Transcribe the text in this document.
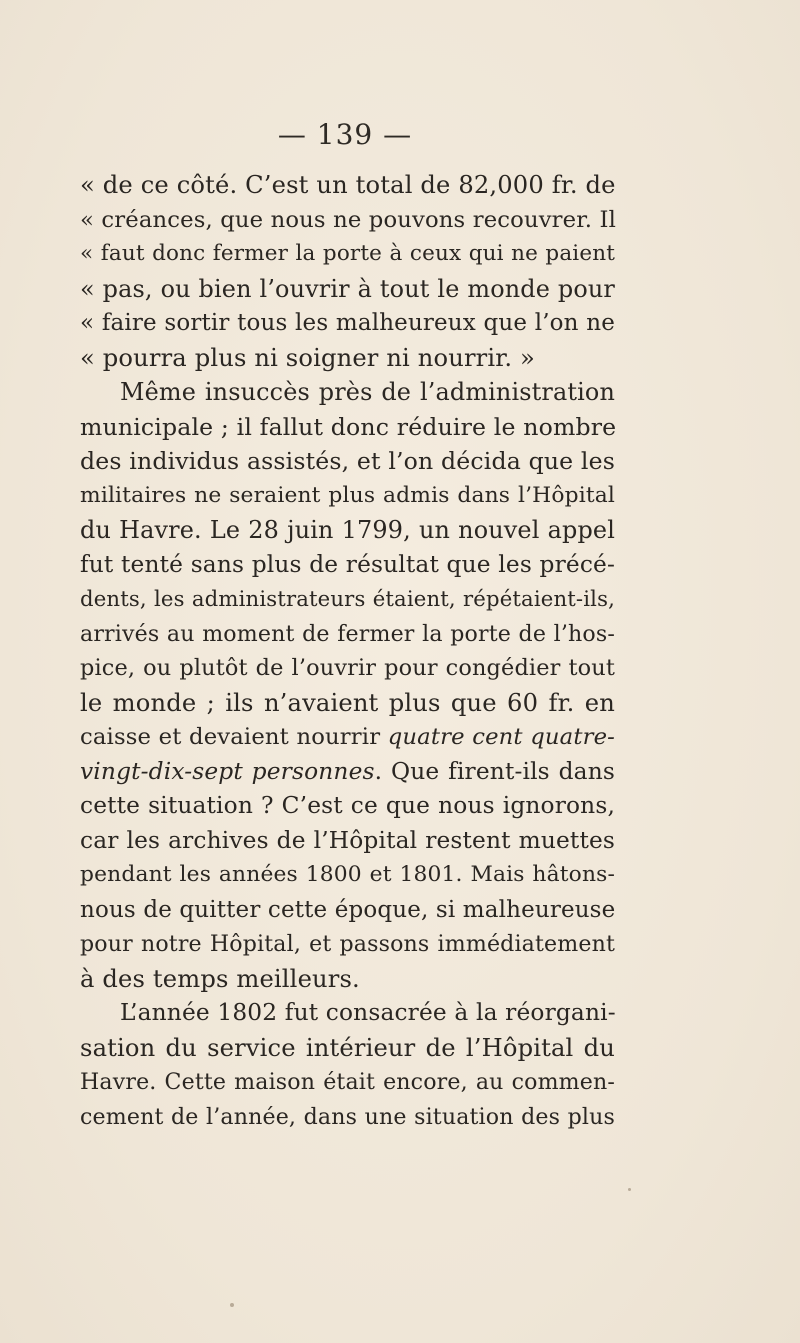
— 139 —
« de ce côté. C’est un total de 82,000 fr. de
« créances, que nous ne pouvons recouvrer. Il
« faut donc fermer la porte à ceux qui ne paient
« pas, ou bien l’ouvrir à tout le monde pour
« faire sortir tous les malheureux que l’on ne
« pourra plus ni soigner ni nourrir. »
Même insuccès près de l’administration
municipale ; il fallut donc réduire le nombre
des individus assistés, et l’on décida que les
militaires ne seraient plus admis dans l’Hôpital
du Havre. Le 28 juin 1799, un nouvel appel
fut tenté sans plus de résultat que les précé-
dents, les administrateurs étaient, répétaient-ils,
arrivés au moment de fermer la porte de l’hos-
pice, ou plutôt de l’ouvrir pour congédier tout
le monde ; ils n’avaient plus que 60 fr. en
caisse et devaient nourrir quatre cent quatre-
vingt-dix-sept personnes. Que firent-ils dans
cette situation ? C’est ce que nous ignorons,
car les archives de l’Hôpital restent muettes
pendant les années 1800 et 1801. Mais hâtons-
nous de quitter cette époque, si malheureuse
pour notre Hôpital, et passons immédiatement
à des temps meilleurs.
L’année 1802 fut consacrée à la réorgani-
sation du service intérieur de l’Hôpital du
Havre. Cette maison était encore, au commen-
cement de l’année, dans une situation des plus
